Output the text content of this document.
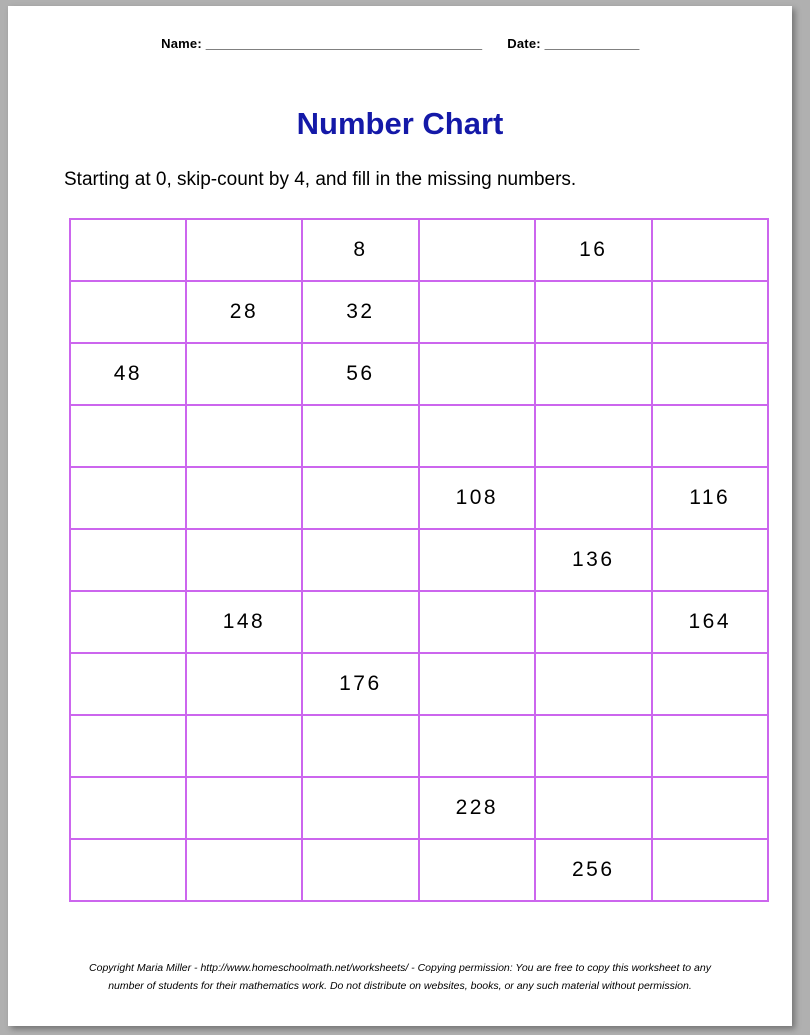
Name: _________________________________________ Date: ______________
Number Chart
Starting at 0, skip-count by 4, and fill in the missing numbers.
		8		16	
	28	32			
48		56			

			108		116
				136	
	148				164
		176			

			228		
				256	
Copyright Maria Miller - http://www.homeschoolmath.net/worksheets/ - Copying permission: You are free to copy this worksheet to any
number of students for their mathematics work. Do not distribute on websites, books, or any such material without permission.
